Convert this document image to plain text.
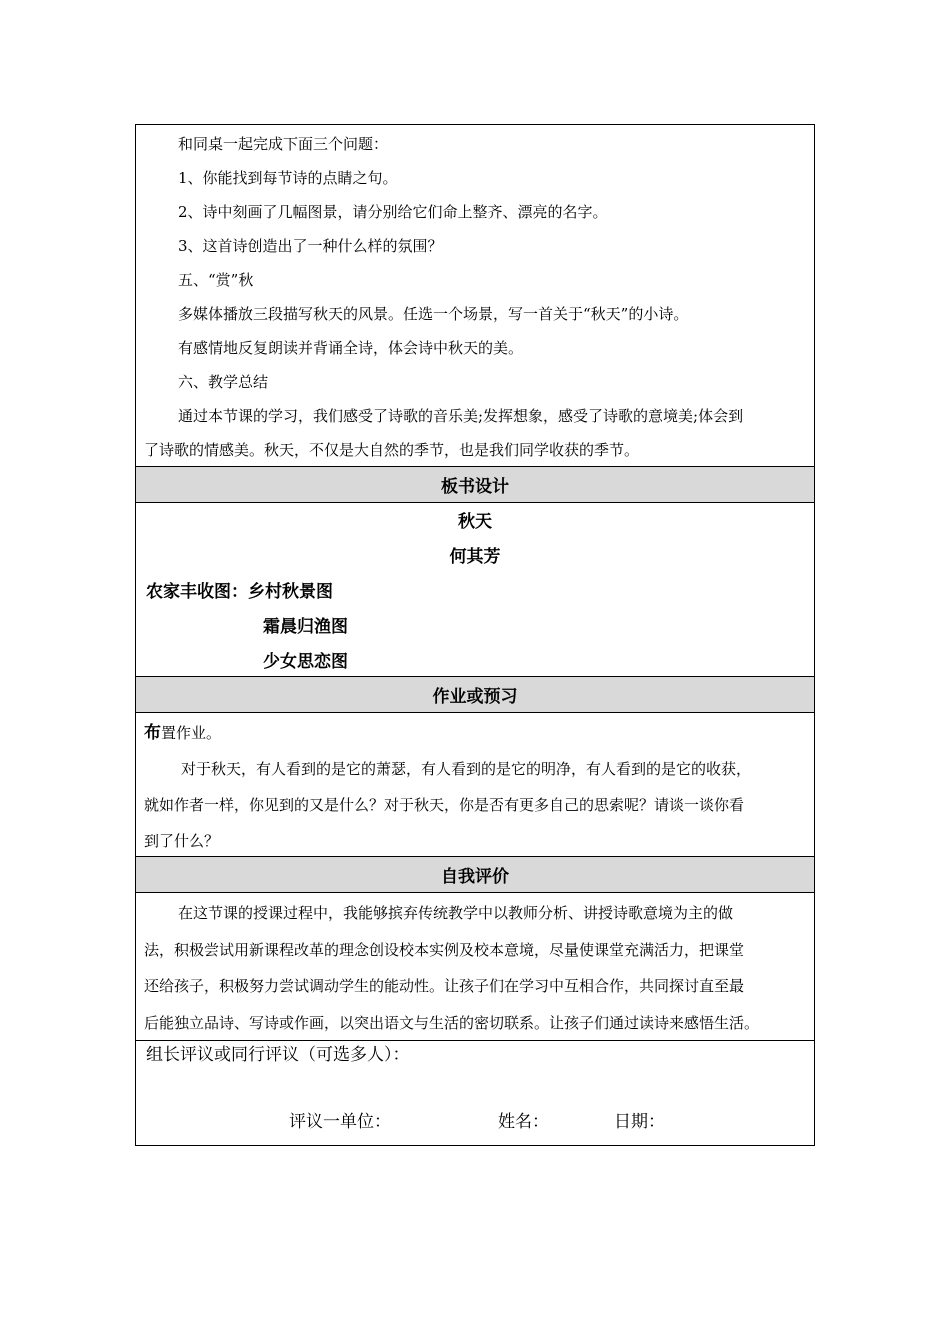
和同桌一起完成下面三个问题：
1、你能找到每节诗的点睛之句。
2、诗中刻画了几幅图景，请分别给它们命上整齐、漂亮的名字。
3、这首诗创造出了一种什么样的氛围？
五、“赏”秋
多媒体播放三段描写秋天的风景。任选一个场景，写一首关于“秋天”的小诗。
有感情地反复朗读并背诵全诗，体会诗中秋天的美。
六、教学总结
通过本节课的学习，我们感受了诗歌的音乐美;发挥想象，感受了诗歌的意境美;体会到
了诗歌的情感美。秋天，不仅是大自然的季节，也是我们同学收获的季节。
板书设计
秋天
何其芳
农家丰收图：乡村秋景图
霜晨归渔图
少女思恋图
作业或预习
布置作业。
对于秋天，有人看到的是它的萧瑟，有人看到的是它的明净，有人看到的是它的收获，
就如作者一样，你见到的又是什么？对于秋天，你是否有更多自己的思索呢？请谈一谈你看
到了什么？
自我评价
在这节课的授课过程中，我能够摈弃传统教学中以教师分析、讲授诗歌意境为主的做
法，积极尝试用新课程改革的理念创设校本实例及校本意境，尽量使课堂充满活力，把课堂
还给孩子，积极努力尝试调动学生的能动性。让孩子们在学习中互相合作，共同探讨直至最
后能独立品诗、写诗或作画，以突出语文与生活的密切联系。让孩子们通过读诗来感悟生活。
组长评议或同行评议（可选多人）：
评议一单位：	姓名：	日期：
